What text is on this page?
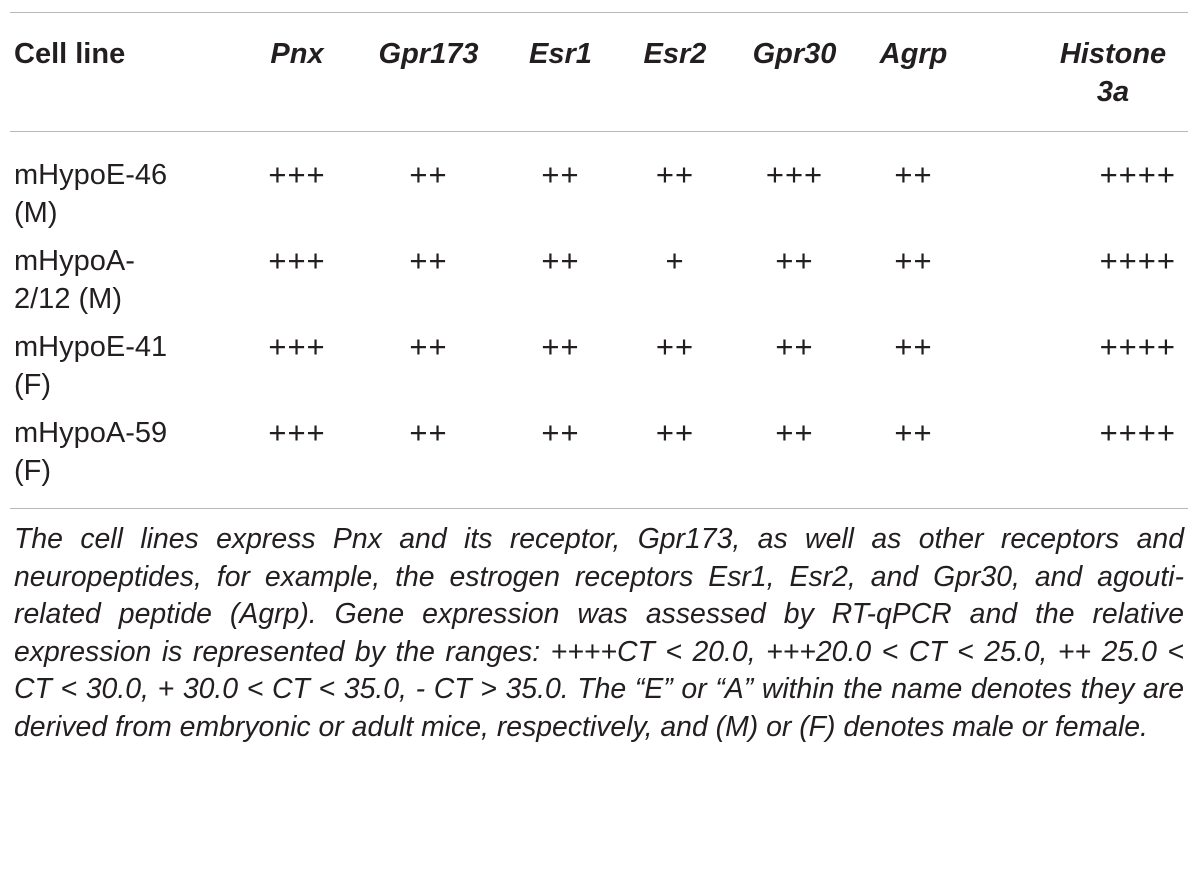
Cell line	Pnx	Gpr173	Esr1	Esr2	Gpr30	Agrp	Histone 3a

mHypoE-46 (M)	+++	++	++	++	+++	++	++++

mHypoA-2/12 (M)	+++	++	++	+	++	++	++++

mHypoE-41 (F)	+++	++	++	++	++	++	++++

mHypoA-59 (F)	+++	++	++	++	++	++	++++
The cell lines express Pnx and its receptor, Gpr173, as well as other receptors and neuropeptides, for example, the estrogen receptors Esr1, Esr2, and Gpr30, and agouti-related peptide (Agrp). Gene expression was assessed by RT-qPCR and the relative expression is represented by the ranges: ++++CT < 20.0, +++20.0 < CT < 25.0, ++ 25.0 < CT < 30.0, + 30.0 < CT < 35.0, - CT > 35.0. The “E” or “A” within the name denotes they are derived from embryonic or adult mice, respectively, and (M) or (F) denotes male or female.
